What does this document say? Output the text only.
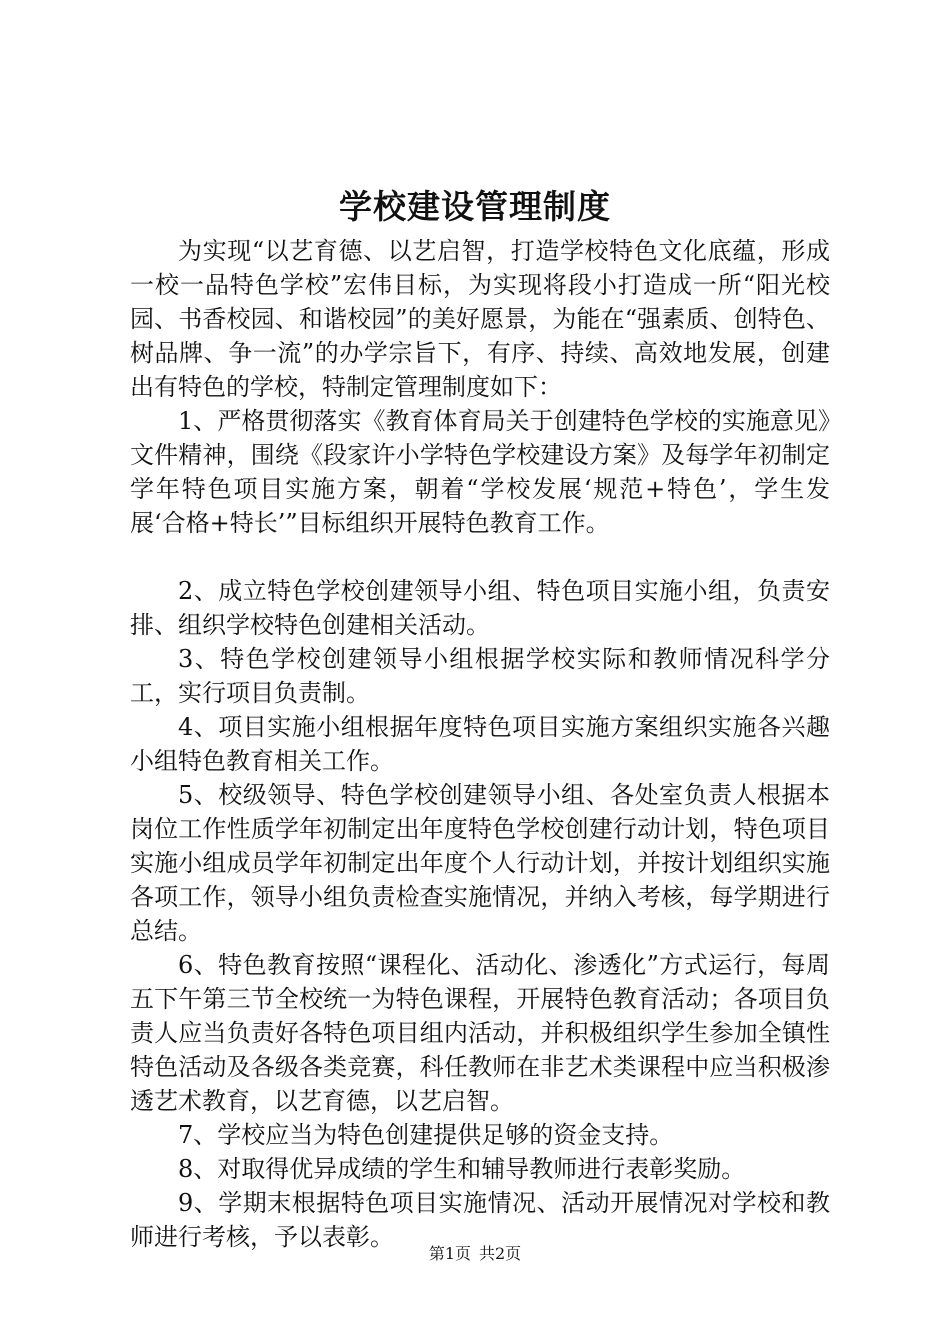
学校建设管理制度

为实现“以艺育德、以艺启智，打造学校特色文化底蕴，形成一校一品特色学校”宏伟目标，为实现将段小打造成一所“阳光校园、书香校园、和谐校园”的美好愿景，为能在“强素质、创特色、树品牌、争一流”的办学宗旨下，有序、持续、高效地发展，创建出有特色的学校，特制定管理制度如下：

1、严格贯彻落实《教育体育局关于创建特色学校的实施意见》文件精神，围绕《段家许小学特色学校建设方案》及每学年初制定学年特色项目实施方案，朝着“学校发展‘规范+特色’，学生发展‘合格+特长’”目标组织开展特色教育工作。

2、成立特色学校创建领导小组、特色项目实施小组，负责安排、组织学校特色创建相关活动。

3、特色学校创建领导小组根据学校实际和教师情况科学分工，实行项目负责制。

4、项目实施小组根据年度特色项目实施方案组织实施各兴趣小组特色教育相关工作。

5、校级领导、特色学校创建领导小组、各处室负责人根据本岗位工作性质学年初制定出年度特色学校创建行动计划，特色项目实施小组成员学年初制定出年度个人行动计划，并按计划组织实施各项工作，领导小组负责检查实施情况，并纳入考核，每学期进行总结。

6、特色教育按照“课程化、活动化、渗透化”方式运行，每周五下午第三节全校统一为特色课程，开展特色教育活动；各项目负责人应当负责好各特色项目组内活动，并积极组织学生参加全镇性特色活动及各级各类竞赛，科任教师在非艺术类课程中应当积极渗透艺术教育，以艺育德，以艺启智。

7、学校应当为特色创建提供足够的资金支持。

8、对取得优异成绩的学生和辅导教师进行表彰奖励。

9、学期末根据特色项目实施情况、活动开展情况对学校和教师进行考核，予以表彰。

第1页 共2页
